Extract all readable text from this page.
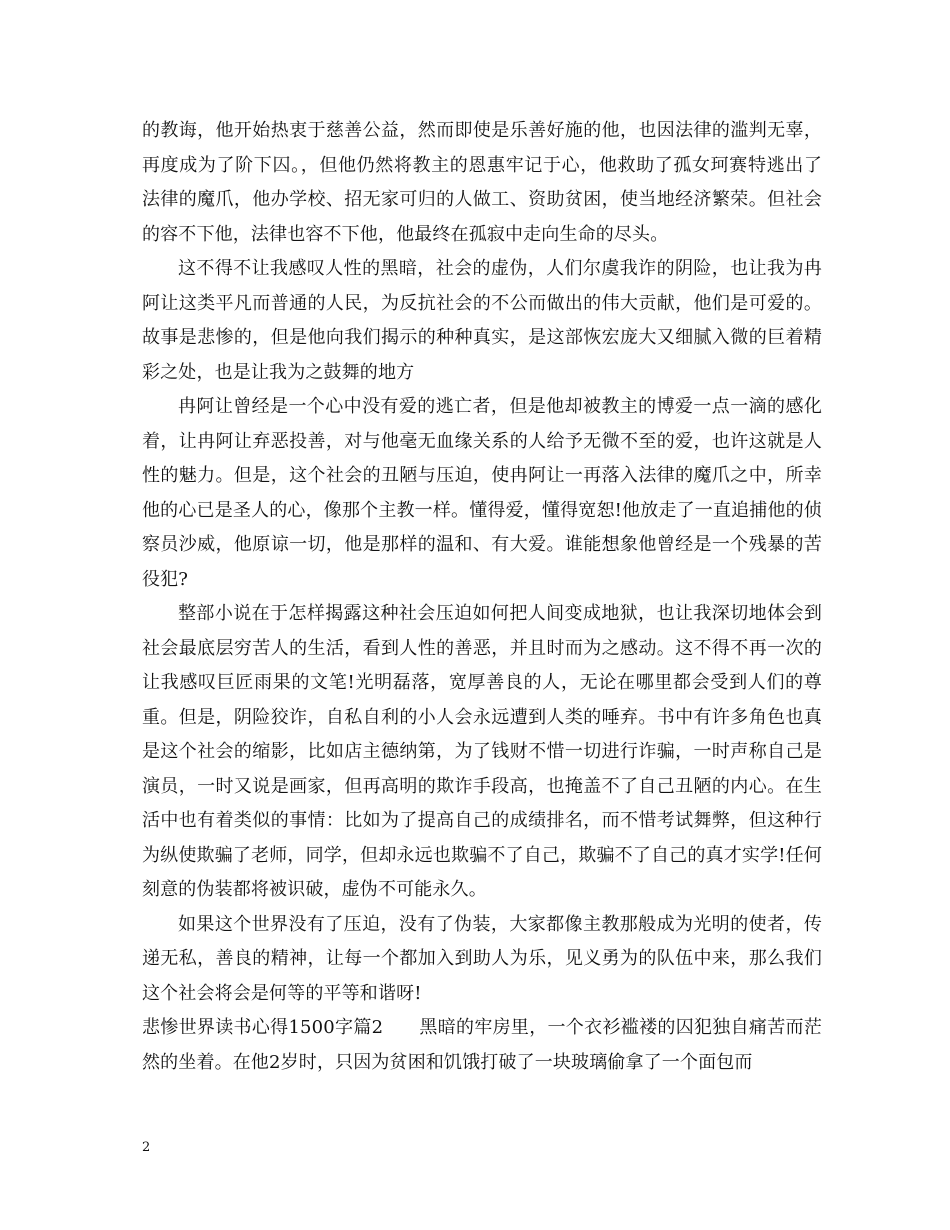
的教诲，他开始热衷于慈善公益，然而即使是乐善好施的他，也因法律的滥判无辜，再度成为了阶下囚。，但他仍然将教主的恩惠牢记于心，他救助了孤女珂赛特逃出了法律的魔爪，他办学校、招无家可归的人做工、资助贫困，使当地经济繁荣。但社会的容不下他，法律也容不下他，他最终在孤寂中走向生命的尽头。

这不得不让我感叹人性的黑暗，社会的虚伪，人们尔虞我诈的阴险，也让我为冉阿让这类平凡而普通的人民，为反抗社会的不公而做出的伟大贡献，他们是可爱的。故事是悲惨的，但是他向我们揭示的种种真实，是这部恢宏庞大又细腻入微的巨着精彩之处，也是让我为之鼓舞的地方

冉阿让曾经是一个心中没有爱的逃亡者，但是他却被教主的博爱一点一滴的感化着，让冉阿让弃恶投善，对与他毫无血缘关系的人给予无微不至的爱，也许这就是人性的魅力。但是，这个社会的丑陋与压迫，使冉阿让一再落入法律的魔爪之中，所幸他的心已是圣人的心，像那个主教一样。懂得爱，懂得宽恕!他放走了一直追捕他的侦察员沙威，他原谅一切，他是那样的温和、有大爱。谁能想象他曾经是一个残暴的苦役犯?

整部小说在于怎样揭露这种社会压迫如何把人间变成地狱，也让我深切地体会到社会最底层穷苦人的生活，看到人性的善恶，并且时而为之感动。这不得不再一次的让我感叹巨匠雨果的文笔!光明磊落，宽厚善良的人，无论在哪里都会受到人们的尊重。但是，阴险狡诈，自私自利的小人会永远遭到人类的唾弃。书中有许多角色也真是这个社会的缩影，比如店主德纳第，为了钱财不惜一切进行诈骗，一时声称自己是演员，一时又说是画家，但再高明的欺诈手段高，也掩盖不了自己丑陋的内心。在生活中也有着类似的事情：比如为了提高自己的成绩排名，而不惜考试舞弊，但这种行为纵使欺骗了老师，同学，但却永远也欺骗不了自己，欺骗不了自己的真才实学!任何刻意的伪装都将被识破，虚伪不可能永久。

如果这个世界没有了压迫，没有了伪装，大家都像主教那般成为光明的使者，传递无私，善良的精神，让每一个都加入到助人为乐，见义勇为的队伍中来，那么我们这个社会将会是何等的平等和谐呀!

悲惨世界读书心得1500字篇2 黑暗的牢房里，一个衣衫褴褛的囚犯独自痛苦而茫然的坐着。在他2岁时，只因为贫困和饥饿打破了一块玻璃偷拿了一个面包而

2
